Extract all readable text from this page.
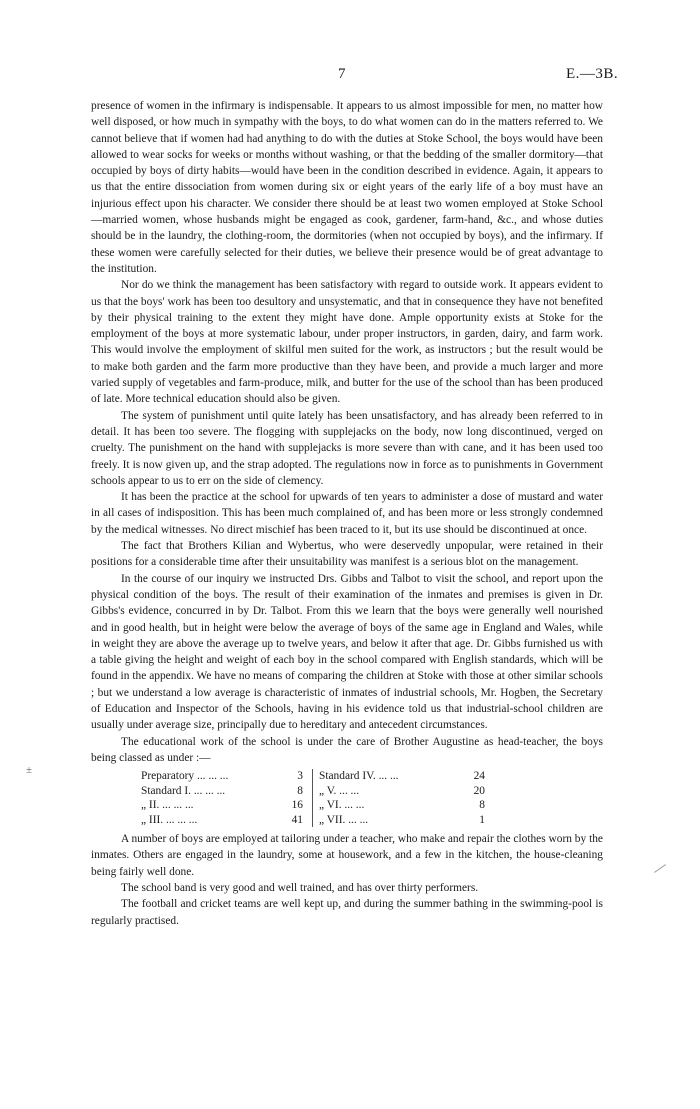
7	E.—3B.

presence of women in the infirmary is indispensable. It appears to us almost impossible for men, no matter how well disposed, or how much in sympathy with the boys, to do what women can do in the matters referred to. We cannot believe that if women had had anything to do with the duties at Stoke School, the boys would have been allowed to wear socks for weeks or months without washing, or that the bedding of the smaller dormitory—that occupied by boys of dirty habits—would have been in the condition described in evidence. Again, it appears to us that the entire dissociation from women during six or eight years of the early life of a boy must have an injurious effect upon his character. We consider there should be at least two women employed at Stoke School—married women, whose husbands might be engaged as cook, gardener, farm-hand, &c., and whose duties should be in the laundry, the clothing-room, the dormitories (when not occupied by boys), and the infirmary. If these women were carefully selected for their duties, we believe their presence would be of great advantage to the institution.

Nor do we think the management has been satisfactory with regard to outside work. It appears evident to us that the boys' work has been too desultory and unsystematic, and that in consequence they have not benefited by their physical training to the extent they might have done. Ample opportunity exists at Stoke for the employment of the boys at more systematic labour, under proper instructors, in garden, dairy, and farm work. This would involve the employment of skilful men suited for the work, as instructors ; but the result would be to make both garden and the farm more productive than they have been, and provide a much larger and more varied supply of vegetables and farm-produce, milk, and butter for the use of the school than has been produced of late. More technical education should also be given.

The system of punishment until quite lately has been unsatisfactory, and has already been referred to in detail. It has been too severe. The flogging with supplejacks on the body, now long discontinued, verged on cruelty. The punishment on the hand with supplejacks is more severe than with cane, and it has been used too freely. It is now given up, and the strap adopted. The regulations now in force as to punishments in Government schools appear to us to err on the side of clemency.

It has been the practice at the school for upwards of ten years to administer a dose of mustard and water in all cases of indisposition. This has been much complained of, and has been more or less strongly condemned by the medical witnesses. No direct mischief has been traced to it, but its use should be discontinued at once.

The fact that Brothers Kilian and Wybertus, who were deservedly unpopular, were retained in their positions for a considerable time after their unsuitability was manifest is a serious blot on the management.

In the course of our inquiry we instructed Drs. Gibbs and Talbot to visit the school, and report upon the physical condition of the boys. The result of their examination of the inmates and premises is given in Dr. Gibbs's evidence, concurred in by Dr. Talbot. From this we learn that the boys were generally well nourished and in good health, but in height were below the average of boys of the same age in England and Wales, while in weight they are above the average up to twelve years, and below it after that age. Dr. Gibbs furnished us with a table giving the height and weight of each boy in the school compared with English standards, which will be found in the appendix. We have no means of comparing the children at Stoke with those at other similar schools ; but we understand a low average is characteristic of inmates of industrial schools, Mr. Hogben, the Secretary of Education and Inspector of the Schools, having in his evidence told us that industrial-school children are usually under average size, principally due to hereditary and antecedent circumstances.

The educational work of the school is under the care of Brother Augustine as head-teacher, the boys being classed as under :—

Preparatory ... ... ...	3		Standard IV. ... ...	24
Standard I. ... ... ...	8		„ V. ... ...	20
„ II. ... ... ...	16		„ VI. ... ...	8
„ III. ... ... ...	41		„ VII. ... ...	1

A number of boys are employed at tailoring under a teacher, who make and repair the clothes worn by the inmates. Others are engaged in the laundry, some at housework, and a few in the kitchen, the house-cleaning being fairly well done.

The school band is very good and well trained, and has over thirty performers.

The football and cricket teams are well kept up, and during the summer bathing in the swimming-pool is regularly practised.

±
